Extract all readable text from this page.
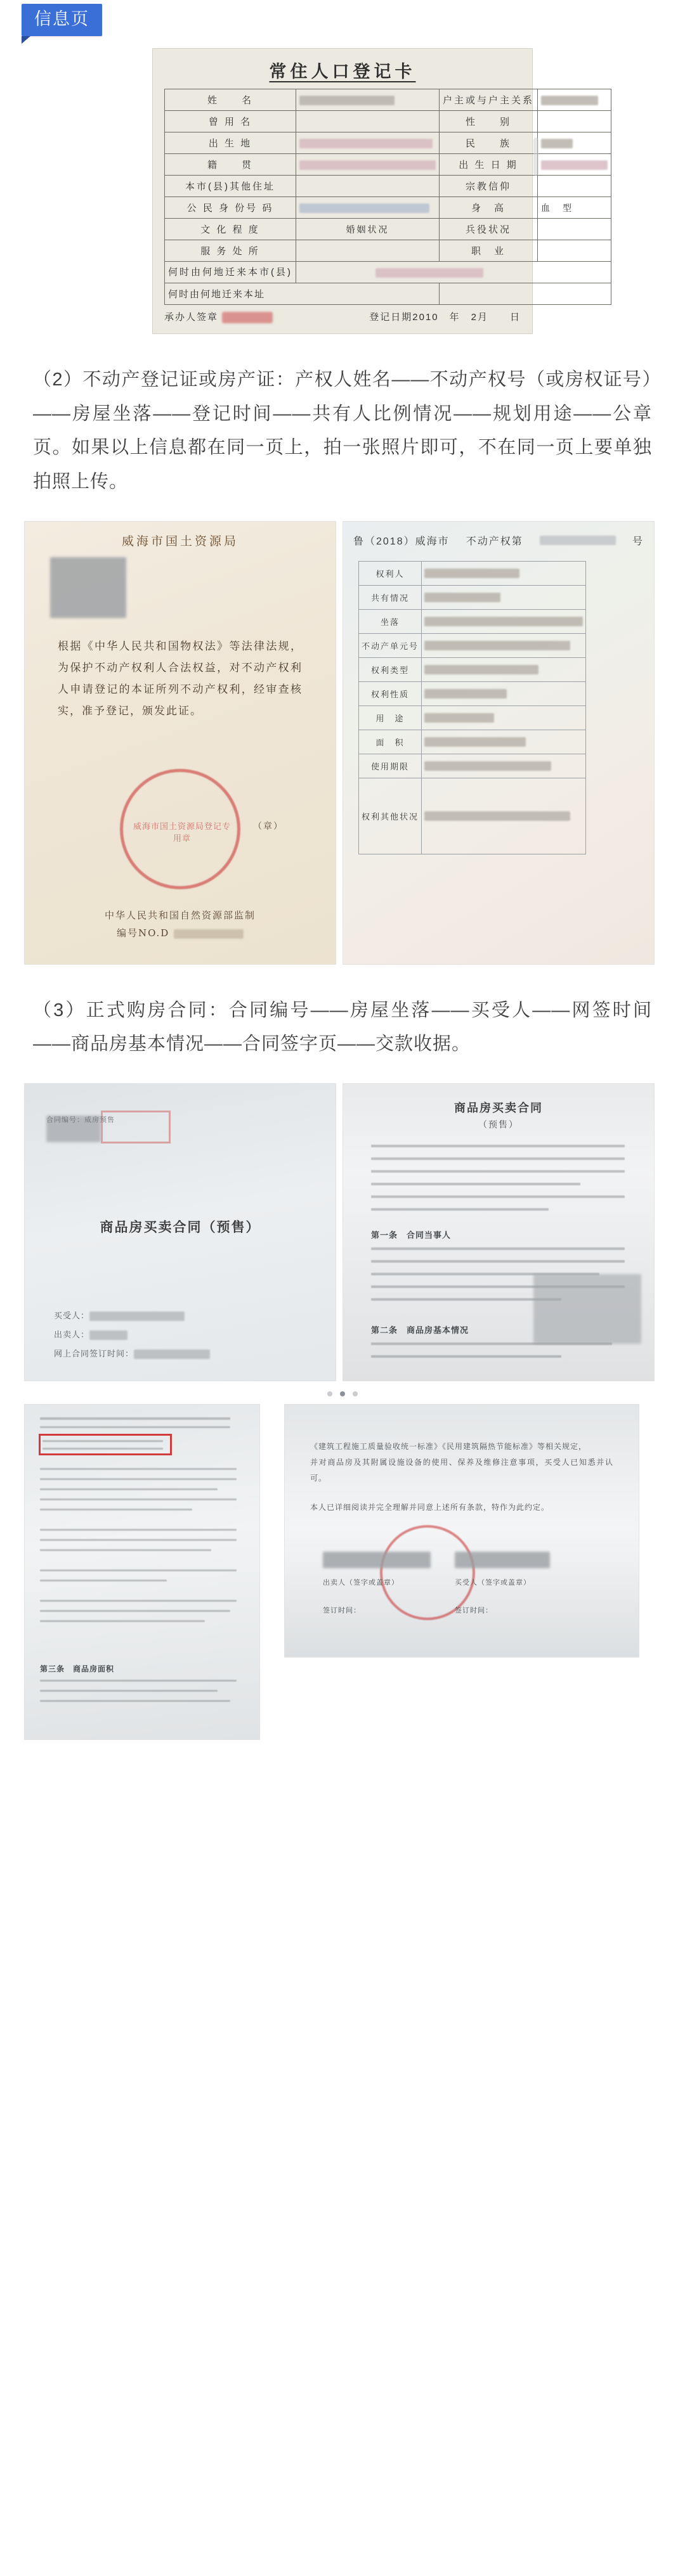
信息页
常住人口登记卡
姓　　名		户主或与户主关系	
曾 用 名		性　　别	
出 生 地		民　　族	
籍　　贯		出 生 日 期	
本市(县)其他住址		宗教信仰	
公 民 身 份号 码		身　高	血　型
文 化 程 度	婚姻状况	兵役状况	
服 务 处 所		职　业	
何时由何地迁来本市(县)			
何时由何地迁来本址			
承办人签章	登记日期2010　年　2月　　日
（2）不动产登记证或房产证：产权人姓名——不动产权号（或房权证号）——房屋坐落——登记时间——共有人比例情况——规划用途——公章页。如果以上信息都在同一页上，拍一张照片即可，不在同一页上要单独拍照上传。
威海市国土资源局
根据《中华人民共和国物权法》等法律法规，为保护不动产权利人合法权益，对不动产权利人申请登记的本证所列不动产权利，经审查核实，准予登记，颁发此证。
威海市国土资源局登记专用章
（章）
中华人民共和国自然资源部监制
编号NO.D
鲁（2018）威海市 不动产权第	号
权利人	
共有情况	
坐落	
不动产单元号	
权利类型	
权利性质	
用　途	
面　积	
使用期限	
权利其他状况	
（3）正式购房合同：合同编号——房屋坐落——买受人——网签时间——商品房基本情况——合同签字页——交款收据。
合同编号：威房预售
商品房买卖合同（预售）
买受人：
出卖人：
网上合同签订时间：
商品房买卖合同
（预售）
第一条　合同当事人
第二条　商品房基本情况
第三条　商品房面积
《建筑工程施工质量验收统一标准》《民用建筑隔热节能标准》等相关规定，
并对商品房及其附属设施设备的使用、保养及维修注意事项，买受人已知悉并认可。
本人已详细阅读并完全理解并同意上述所有条款，特作为此约定。
出卖人（签字或盖章）	买受人（签字或盖章）
签订时间：	签订时间：
